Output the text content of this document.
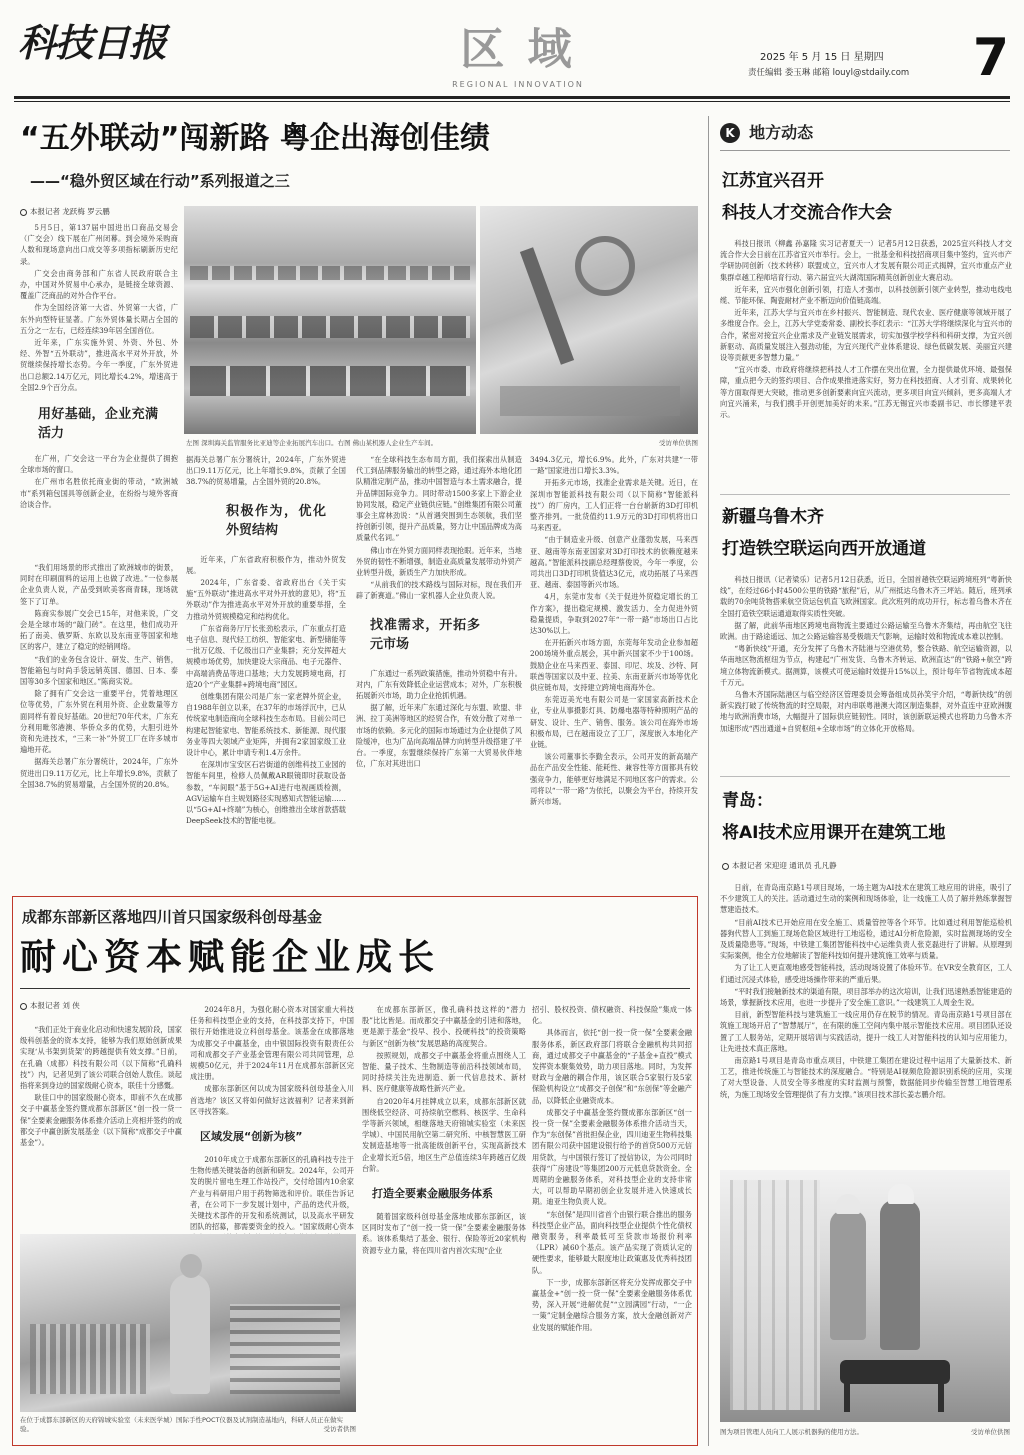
科技日报	区 域
REGIONAL INNOVATION
2025 年 5 月 15 日 星期四
责任编辑 娄玉琳 邮箱 louyl@stdaily.com	7
“五外联动”闯新路 粤企出海创佳绩
——“稳外贸区域在行动”系列报道之三
本报记者 龙跃梅 罗云鹏
左图 深圳海关监管服务比亚迪等企业拓展汽车出口。右图 佛山某机器人企业生产车间。	受访单位供图

5月5日，第137届中国进出口商品交易会（广交会）线下展在广州闭幕。到会境外采购商人数和现场意向出口成交等多项指标刷新历史纪录。

广交会由商务部和广东省人民政府联合主办，中国对外贸易中心承办，是链接全球资源、覆盖广泛商品的对外合作平台。

作为全国经济第一大省、外贸第一大省，广东外向型特征显著。广东外贸体量长期占全国的五分之一左右，已经连续39年居全国首位。

近年来，广东实施外贸、外资、外包、外经、外智“五外联动”，推进高水平对外开放，外贸继续保持增长态势。今年一季度，广东外贸进出口总额2.14万亿元，同比增长4.2%，增速高于全国2.9个百分点。

用好基础，企业充满活力

在广州，广交会这一平台为企业提供了拥抱全球市场的窗口。

在广州市名胜依托商业街的带动，“欧洲城市”系列箱包国具等创新企业，在纷纷与境外客商洽谈合作。

“我们用场景的形式推出了欧洲城市的街景，同时在印刷面料的运用上也做了改进。”一位参展企业负责人说，产品受到欧美客商青睐，现场就签下了订单。

陈商实参展广交会已15年，对他来说，广交会是全球市场的“敲门砖”。在这里，他们成功开拓了南美、俄罗斯、东欧以及东南亚等国家和地区的客户，建立了稳定的经销网络。

“我们的业务包含设计、研发、生产、销售，智能箱包与时尚手袋远销英国、德国、日本、泰国等30多个国家和地区。”陈商实说。

除了拥有广交会这一重要平台，凭着地理区位等优势，广东外贸在利用外资、企业数量等方面同样有着良好基础。20世纪70年代末，广东充分利用毗邻港澳、华侨众多的优势，大胆引进外资和先进技术，“三来一补”外贸工厂在许多城市遍地开花。

据海关总署广东分署统计，2024年，广东外贸进出口9.11万亿元，比上年增长9.8%，贡献了全国38.7%的贸易增量，占全国外贸的20.8%。

据海关总署广东分署统计，2024年，广东外贸进出口9.11万亿元，比上年增长9.8%，贡献了全国38.7%的贸易增量，占全国外贸的20.8%。

积极作为，优化外贸结构

近年来，广东省政府积极作为，推动外贸发展。

2024年，广东省委、省政府出台《关于实施“五外联动”推进高水平对外开放的意见》，将“五外联动”作为推进高水平对外开放的重要举措，全力推动外贸规模稳定和结构优化。

广东省商务厅厅长张劲松表示，广东重点打造电子信息、现代轻工纺织、智能家电、新型储能等一批万亿级、千亿级出口产业集群；充分发挥超大规模市场优势，加快建设大宗商品、电子元器件、中高端消费品等进口基地；大力发展跨境电商，打造20个“产业集群+跨境电商”园区。

创维集团有限公司是广东一家老牌外贸企业，自1988年创立以来，在37年的市场浮沉中，已从传统家电制造商向全球科技生态布局。目前公司已构建起智能家电、智能系统技术、新能源、现代服务业等四大领域产业矩阵，并拥有2家国家级工业设计中心，累计申请专利1.4万余件。

在深圳市宝安区石岩街道的创维科技工业园的智能车间里，检修人员佩戴AR眼镜即时获取设备参数，“车间眼”基于5G+AI进行电视画质检测，AGV运输车自主规划路径实现感知式智能运输……以“5G+AI+终端”为核心，创维推出全球首款搭载DeepSeek技术的智能电视。

“在全球科技生态布局方面，我们探索出从制造代工到品牌服务输出的转型之路，通过海外本地化团队精准定制产品，推动中国智造与本土需求融合，提升品牌国际竞争力。同时带动1500多家上下游企业协同发展，稳定产业链供应链。”创维集团有限公司董事会主席林劲说：“从首遇突围到生态领航，我们坚持创新引领，提升产品质量，努力让中国品牌成为高质量代名词。”

佛山市在外贸方面同样表现抢眼。近年来，当地外贸的韧性不断增强，制造业高质量发展带动外贸产业转型升级，新质生产力加快形成。

“从前我们的技术路线与国际对标，现在我们开辟了新赛道。”佛山一家机器人企业负责人说。

找准需求，开拓多元市场

广东通过一系列政策措施，推动外贸稳中有升。对内，广东有效降低企业运营成本；对外，广东积极拓展新兴市场，助力企业抢抓机遇。

据了解，近年来广东通过深化与东盟、欧盟、非洲、拉丁美洲等地区的经贸合作，有效分散了对单一市场的依赖。多元化的国际市场通过为企业提供了风险缓冲，也为广品向高端品牌方向转型升级搭建了平台。一季度，东盟继续保持广东第一大贸易伙伴地位，广东对其进出口

3494.3亿元，增长6.9%。此外，广东对共建“一带一路”国家进出口增长3.3%。

开拓多元市场，找准企业需求是关键。近日，在深圳市智能派科技有限公司（以下简称“智能派科技”）的厂房内，工人们正将一台台崭新的3D打印机整齐排列。一批货值约11.9万元的3D打印机将出口马来西亚。

“由于制造业升级、创意产业蓬勃发展，马来西亚、越南等东南亚国家对3D打印技术的依赖度越来越高。”智能派科技副总经理蔡俊说，今年一季度，公司共出口3D打印机货值达3亿元，成功拓展了马来西亚、越南、泰国等新兴市场。

4月，东莞市发布《关于促进外贸稳定增长的工作方案》，提出稳定规模、激发活力、全力促进外贸稳量提质，争取到2027年“一带一路”市场出口占比达30%以上。

在开拓新兴市场方面，东莞每年发动企业参加超200场境外重点展会，其中新兴国家不少于100场。鼓励企业在马来西亚、泰国、印尼、埃及、沙特、阿联酋等国家以及中亚、拉美、东南亚新兴市场等优化供应链布局，支持建立跨境电商海外仓。

东莞迈美光电有限公司是一家国家高新技术企业，专业从事摄影灯具、防爆电器等特种照明产品的研发、设计、生产、销售、服务。该公司在海外市场积极布局，已在越南设立了工厂，深度嵌入本地化产业链。

该公司董事长李勤全表示，公司开发的新高端产品在产品安全性能、能耗性、兼容性等方面都具有较强竞争力，能够更好地满足不同地区客户的需求。公司将以“一带一路”为依托，以聚会为平台，持续开发新兴市场。

成都东部新区落地四川首只国家级科创母基金
耐心资本赋能企业成长
本报记者 刘 侠

“我们正处于商业化启动和快速发展阶段，国家级科创基金的资本支持，能够为我们原始创新成果实现‘从书架到货架’的跨越提供有效支撑。”日前，在孔确（成都）科技有限公司（以下简称“孔确科技”）内，记者见到了该公司联合创始人敖佳。谈起指将来到身边的国家级耐心资本，联佳十分感慨。

耿佳口中的国家级耐心资本，即前不久在成都交子中赢基金签约暨成都东部新区“创一投一贷一保”全要素金融服务体系推介活动上亮相并签约的成都交子中赢创新发展基金（以下简称“成都交子中赢基金”）。

2024年8月，为强化耐心资本对国家重大科技任务和科技型企业的支持，在科技部支持下，中国银行开始推进设立科创母基金。该基金在成都落地为成都交子中赢基金，由中银国际投资有限责任公司和成都交子产业基金管理有限公司共同管理，总规模50亿元，并于2024年11月在成都东部新区完成注册。

成都东部新区何以成为国家级科创母基金入川首选地？该区又将如何做好这波福利？记者来到新区寻找答案。

区域发展“创新为核”

2010年成立于成都东部新区的孔确科技专注于生物传感关键装备的创新和研发。2024年，公司开发的脱片留电生理工作站投产，交付给国内10余家产业与科研用户用于药物筛选和评价。联佳告诉记者，在公司下一步发展计划中，产品的迭代升级，关键技术部件的开发和系统测试，以及高水平研发团队的招募，都需要资金的投入。“国家级耐心资本

在成都东部新区，像孔确科技这样的“潜力股”比比皆是。而成都交子中赢基金的引进和落地，更是源于基金“投早、投小、投硬科技”的投资策略与新区“创新为核”发展思路的高度契合。

按照规划，成都交子中赢基金将重点围绕人工智能、量子技术、生物制造等前沿科技领域布局，同时持续关注先进制造、新一代信息技术、新材料、医疗健康等战略性新兴产业。

自2020年4月挂牌成立以来，成都东部新区就围绕低空经济、可持续航空燃料、核医学、生命科学等新兴领域，相继落地天府锦城实验室（未来医学城）、中国民用航空第二研究所、中核智慧医工研发制造基地等一批高能级创新平台，实现高新技术企业增长近5倍，地区生产总值连续3年跨越百亿级台阶。

打造全要素金融服务体系

随着国家级科创母基金落地成都东部新区，该区同时发布了“创一投一贷一保”全要素金融服务体系。该体系集结了基金、银行、保险等近20家机构资源专业力量，将在四川省内首次实现“企业

招引、股权投资、债权融资、科技保险”集成一体化。

具体而言，依托“创一投一贷一保”全要素金融服务体系，新区政府部门将联合金融机构共同招商，通过成都交子中赢基金的“子基金+直投”模式发挥资本聚集效势，助力项目落地。同时，为发挥财政与金融的耦合作用，该区联合5家银行及5家保险机构设立“成都交子创保”和“东创保”等金融产品，以降低企业融资成本。

成都交子中赢基金签约暨成都东部新区“创一投一贷一保”全要素金融服务体系推介活动当天，作为“东创保”首批担保企业，四川迪亚生物科技集团有限公司获中国建设银行给予的首贷500万元信用贷款，与中国银行签订了授信协议，为公司同时获得“广房建设”等集团200万元低息贷款资金。全周期的金融服务体系，对科技型企业的支持非常大，可以帮助早期初创企业发展并进入快速成长期。迪亚生物负责人说。

“东创保”是四川省首个由银行联合推出的服务科技型企业产品，面向科技型企业提供个性化债权融资服务，利率最低可至贷款市场报价利率（LPR）减60个基点。该产品实现了资质认定的硬性要求，能够最大限度地让政策惠及优秀科技团队。

下一步，成都东部新区将充分发挥成都交子中赢基金+“创一投一贷一保”全要素金融服务体系优势，深入开展“进解优促”“立园满园”行动，“一企一策”定制金融综合服务方案，放大金融创新对产业发展的赋能作用。

在位于成都东部新区的天府锦城实验室（未来医学城）国际手性POCT仪器及试剂制造基地内，科研人员正在做实验。	受访者供图
K 地方动态
江苏宜兴召开
科技人才交流合作大会

科技日报讯（柳鑫 孙嘉隆 实习记者夏天一）记者5月12日获悉，2025宜兴科技人才交流合作大会日前在江苏省宜兴市举行。会上，一批基金和科技招商项目集中签约，宜兴市产学研协同创新（技术转移）联盟成立，宜兴市人才发展有限公司正式揭牌，宜兴市重点产业集群卓越工程师培育行动、第六届宜兴大湖湾国际精英创新创业大赛启动。

近年来，宜兴市强化创新引领，打造人才强市，以科技创新引领产业转型，推动电线电缆、节能环保、陶瓷耐材产业不断迈向价值链高端。

近年来，江苏大学与宜兴市在乡村振兴、智能制造、现代农业、医疗健康等领域开展了多维度合作。会上，江苏大学党委常委、副校长李红表示：“江苏大学将继续深化与宜兴市的合作，紧密对接宜兴企业需求及产业链发展需求，切实加强学校学科和科研支撑，为宜兴创新驱动、高质量发展注入强劲动能，为宜兴现代产业体系建设、绿色低碳发展、美丽宜兴建设等贡献更多智慧力量。”

“宜兴市委、市政府将继续把科技人才工作摆在突出位置，全力提供最优环境、最强保障，重点把今天的签约项目、合作成果推进落实好，努力在科技招商、人才引育、成果转化等方面取得更大突破，推动更多创新要素向宜兴流动，更多项目向宜兴倾斜，更多高端人才向宜兴涌来，与我们携手开创更加美好的未来。”江苏无锡宜兴市委副书记、市长缪建平表示。

新疆乌鲁木齐
打造铁空联运向西开放通道

科技日报讯（记者梁乐）记者5月12日获悉，近日，全国首趟铁空联运跨境班列“粤新快线”，在经过66小时4500公里的铁路“旅程”后，从广州抵达乌鲁木齐三坪站。随后，班列承载的70余吨货物搭乘航空货运包机直飞欧洲国家。此次班列的成功开行，标志着乌鲁木齐在全国打造铁空联运通道取得实质性突破。

据了解，此前华南地区跨境电商物流主要通过公路运输至乌鲁木齐集结，再由航空飞往欧洲。由于路途遥远、加之公路运输容易受极端天气影响，运输时效和物流成本难以控制。

“粤新快线”开通，充分发挥了乌鲁木齐陆港与空港优势，整合铁路、航空运输资源，以华南地区物流枢纽为节点，构建起“广州发货、乌鲁木齐转运、欧洲直达”的“铁路+航空”跨境立体物流新模式。据测算，该模式可使运输时效提升15%以上，预计每年节省物流成本超千万元。

乌鲁木齐国际陆港区与临空经济区管理委员会筹备组成员孙笑宇介绍，“粤新快线”的创新实践打破了传统物流的时空局限，对内串联粤港澳大湾区制造集群，对外直连中亚欧洲腹地与欧洲消费市场，大幅提升了国际供应链韧性。同时，该创新联运模式也将助力乌鲁木齐加速形成“西出通道+自贸枢纽+全球市场”的立体化开放格局。

青岛：
将AI技术应用课开在建筑工地
本报记者 宋迎迎 通讯员 孔凡静

日前，在青岛南京路1号项目现场，一场主题为AI技术在建筑工地应用的讲座，吸引了不少建筑工人的关注。活动通过生动的案例和现场体验，让一线施工人员了解并熟练掌握智慧建造技术。

“目前AI技术已开始应用在安全施工、质量管控等各个环节。比如通过利用智能巡检机器狗代替人工到施工现场危险区域进行工地巡检，通过AI分析危险源，实时监测现场的安全及质量隐患等。”现场，中铁建工集团智能科技中心运维负责人张克磊进行了讲解。从原理到实际案例，他全方位地解读了智能科技如何提升建筑施工效率与质量。

为了让工人更直观地感受智能科技，活动现场设置了体验环节。在VR安全教育区，工人们通过沉浸式体验，感受进场操作带来的严重后果。

“平时我们接触新技术的渠道有限，项目部举办的这次培训，让我们迅速熟悉智能建造的场景，掌握新技术应用，也进一步提升了安全施工意识。”一线建筑工人周金生说。

目前，新型智能科技与建筑施工一线应用仍存在脱节的情况。青岛南京路1号项目部在筑施工现场开启了“智慧展厅”，在有限的施工空间内集中展示智能技术应用。项目团队还设置了工人服务站，定期开展培训与实践活动，提升一线工人对智能科技的认知与应用能力，让先进技术真正落地。

南京路1号项目是青岛市重点项目，中铁建工集团在建设过程中运用了大量新技术、新工艺，推进传统施工与智能技术的深度融合。“特别是AI视频危险源识别系统的应用，实现了对大型设备、人员安全等多维度的实时监测与预警，数据能同步传输至智慧工地管理系统，为施工现场安全管理提供了有力支撑。”该项目技术部长姜志鹏介绍。

图为项目管理人员向工人展示机器狗的使用方法。	受访单位供图
